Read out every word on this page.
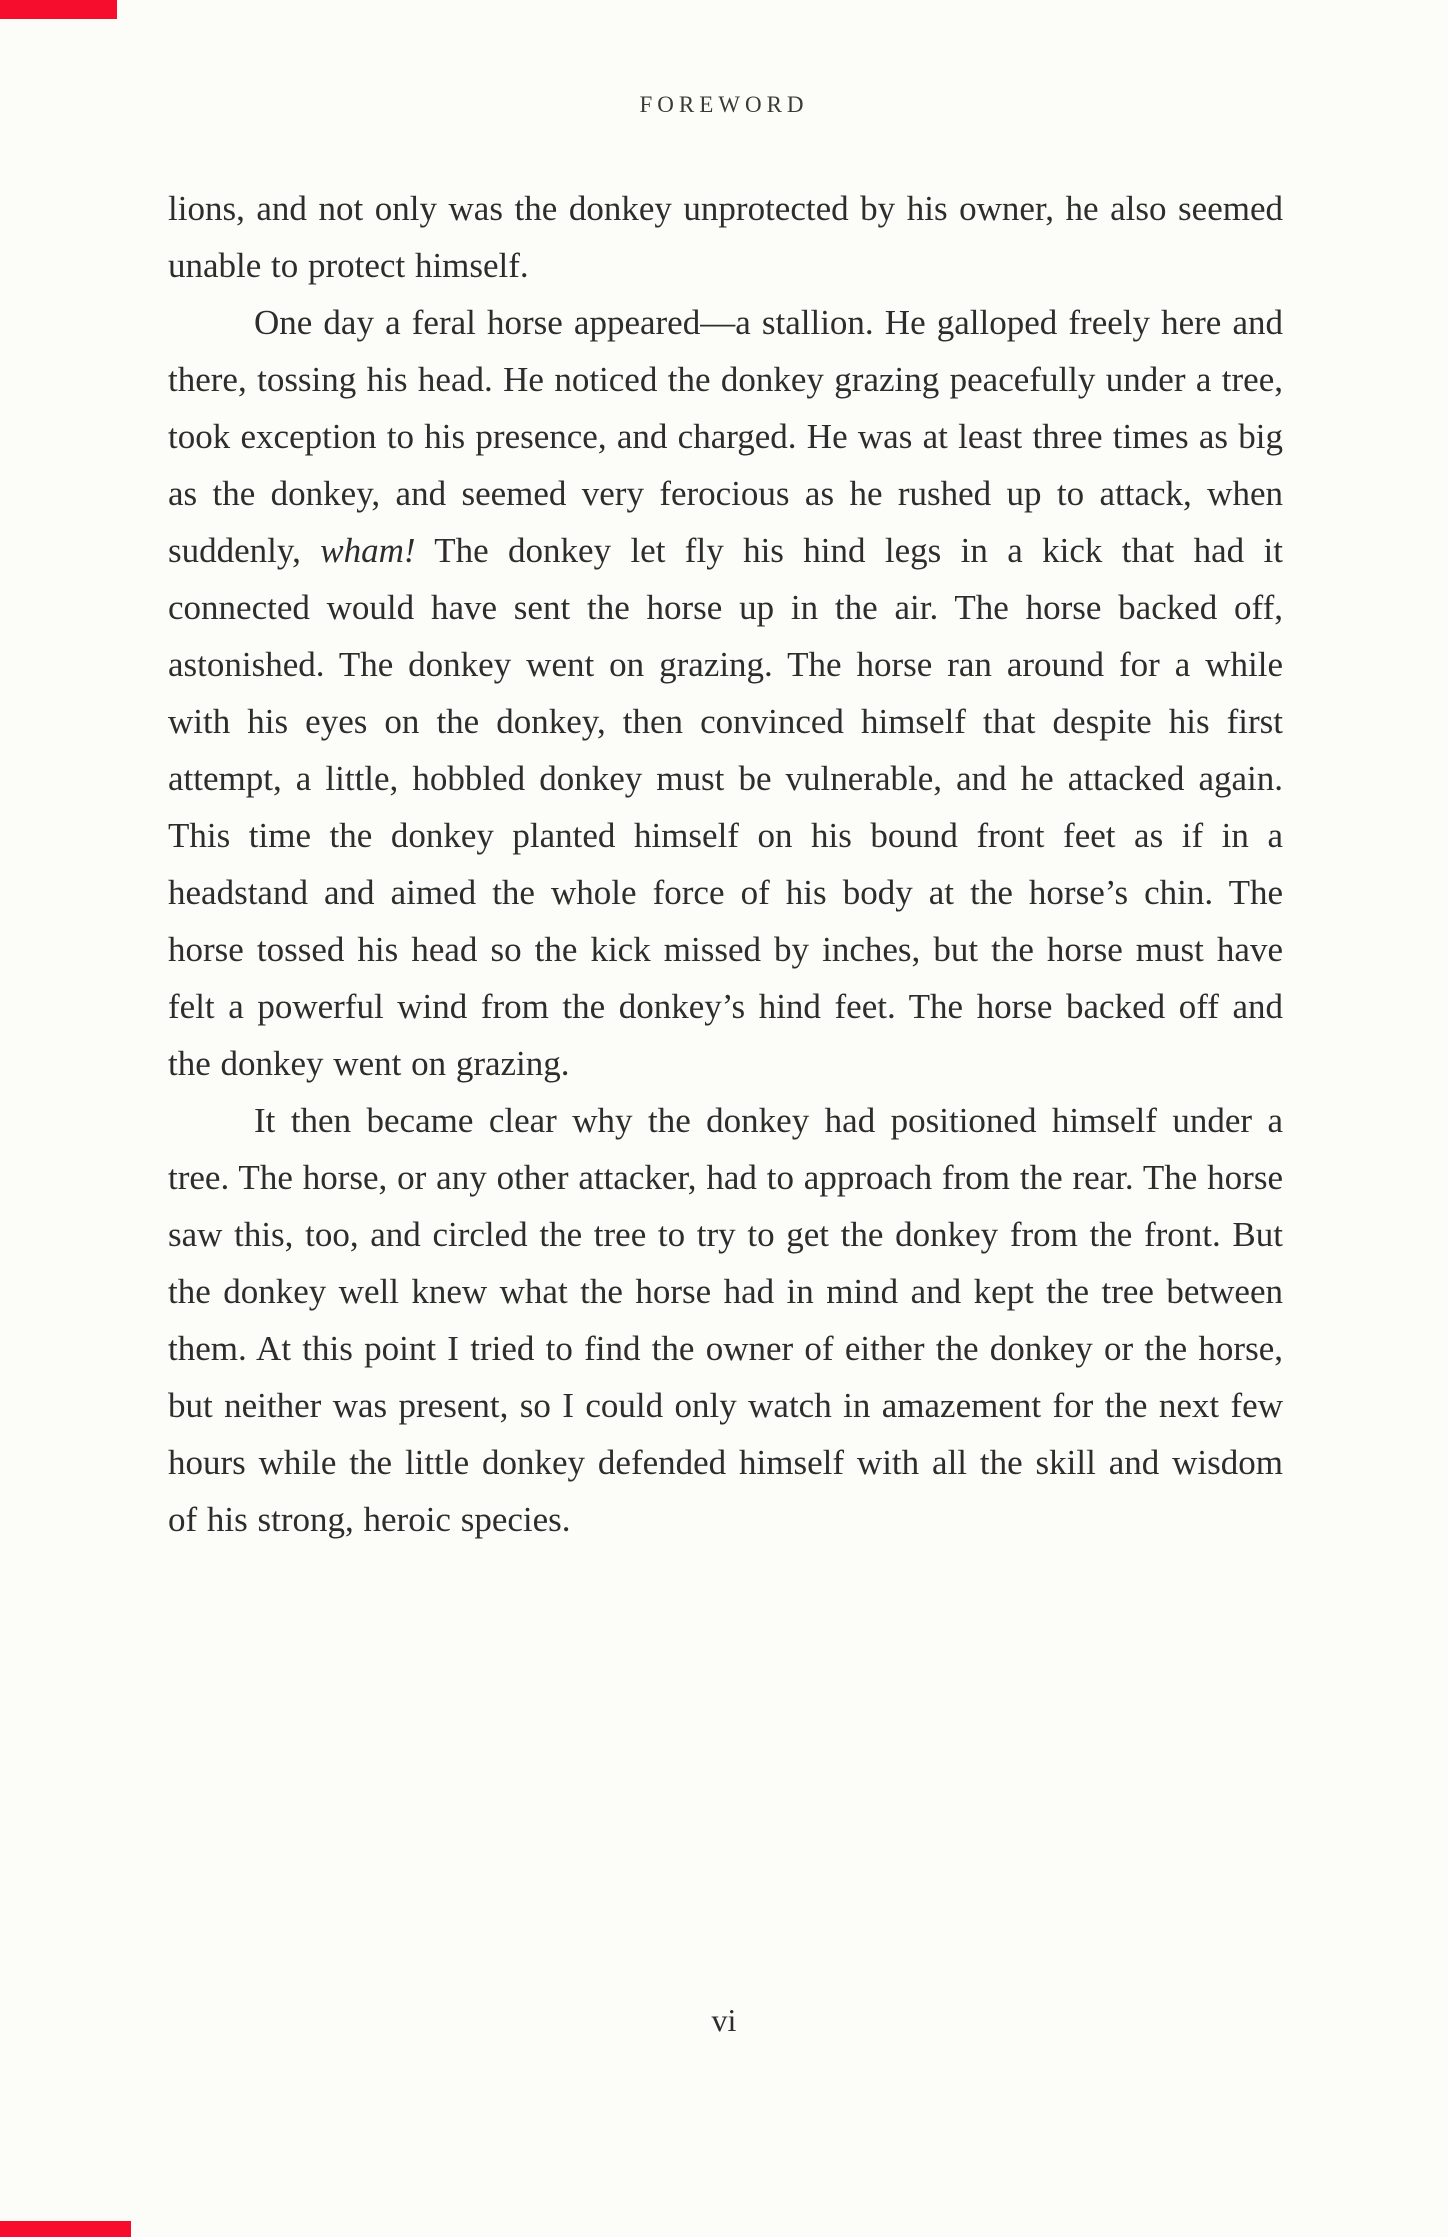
FOREWORD

lions, and not only was the donkey unprotected by his owner, he also seemed unable to protect himself.

One day a feral horse appeared—a stallion. He galloped freely here and there, tossing his head. He noticed the donkey grazing peacefully under a tree, took exception to his presence, and charged. He was at least three times as big as the donkey, and seemed very ferocious as he rushed up to attack, when suddenly, wham! The donkey let fly his hind legs in a kick that had it connected would have sent the horse up in the air. The horse backed off, astonished. The donkey went on grazing. The horse ran around for a while with his eyes on the donkey, then convinced himself that despite his first attempt, a little, hobbled donkey must be vulnerable, and he attacked again. This time the donkey planted himself on his bound front feet as if in a headstand and aimed the whole force of his body at the horse’s chin. The horse tossed his head so the kick missed by inches, but the horse must have felt a powerful wind from the donkey’s hind feet. The horse backed off and the donkey went on grazing.

It then became clear why the donkey had positioned himself under a tree. The horse, or any other attacker, had to approach from the rear. The horse saw this, too, and circled the tree to try to get the donkey from the front. But the donkey well knew what the horse had in mind and kept the tree between them. At this point I tried to find the owner of either the donkey or the horse, but neither was present, so I could only watch in amazement for the next few hours while the little donkey defended himself with all the skill and wisdom of his strong, heroic species.

vi
